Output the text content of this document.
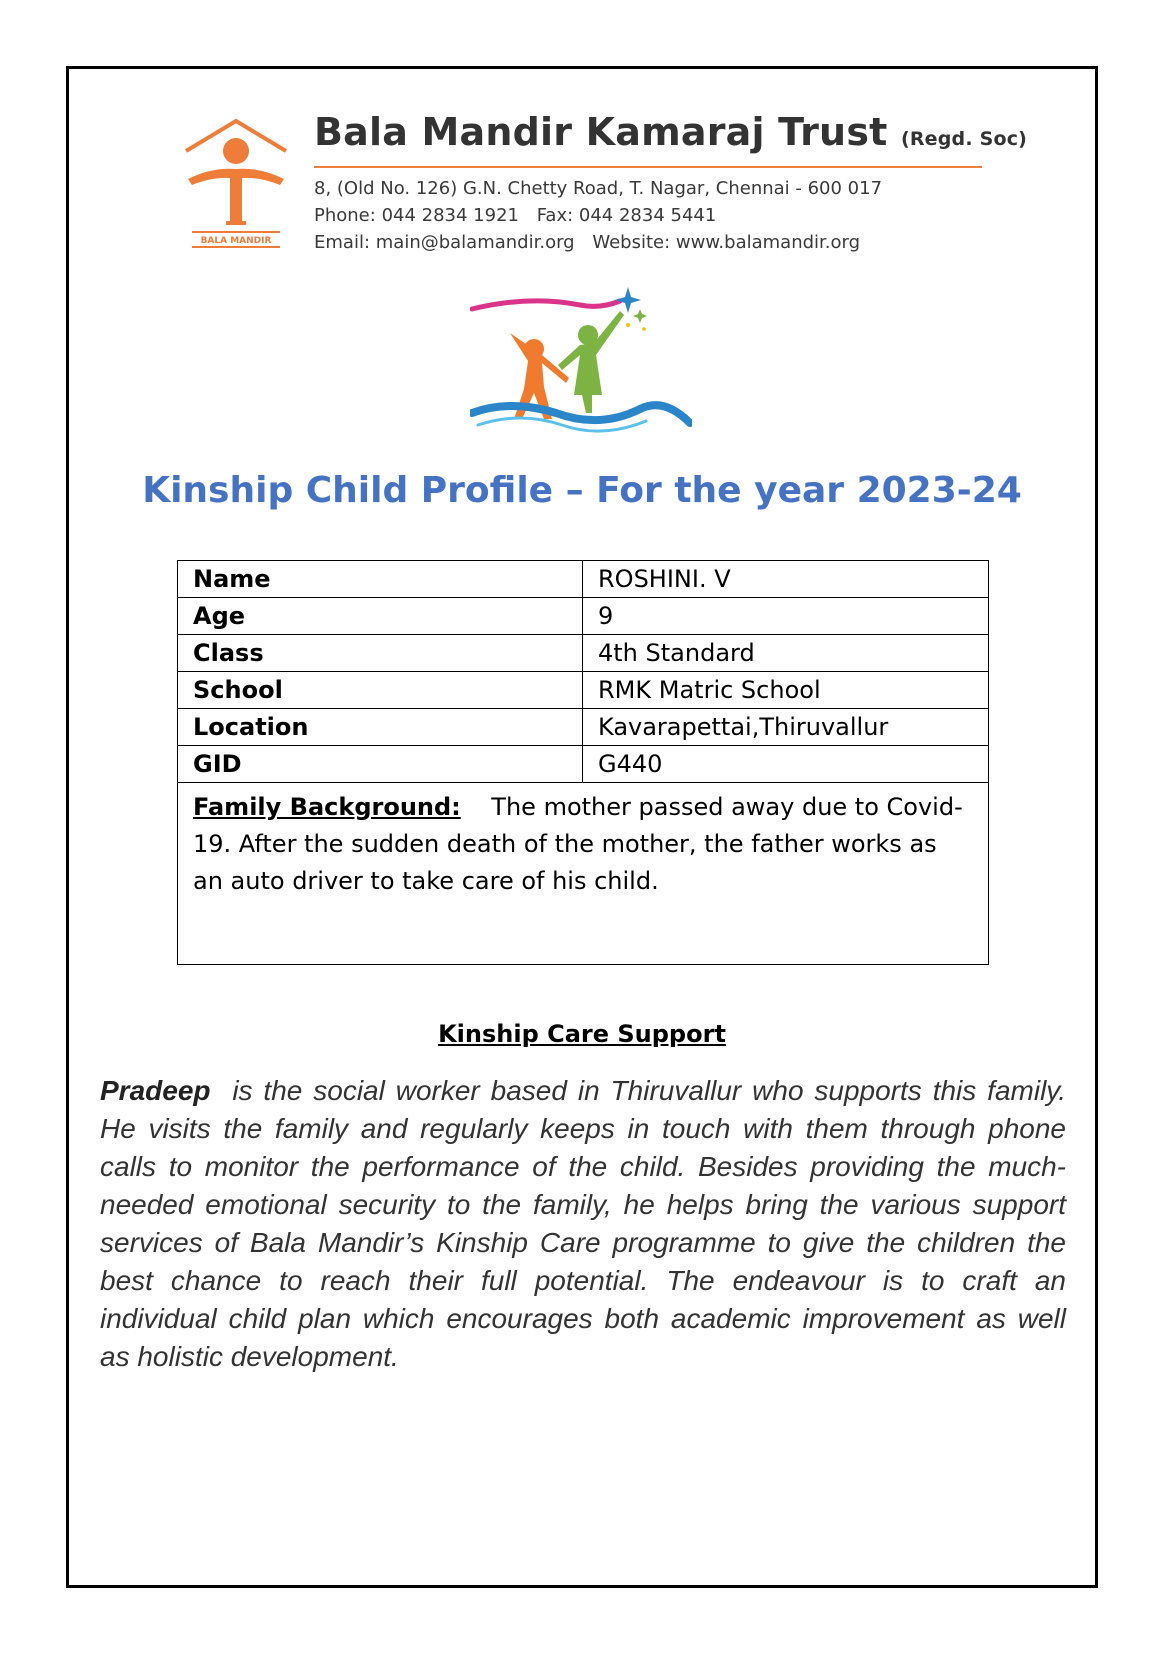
BALA MANDIR
Bala Mandir Kamaraj Trust (Regd. Soc)
8, (Old No. 126) G.N. Chetty Road, T. Nagar, Chennai - 600 017
Phone: 044 2834 1921 Fax: 044 2834 5441
Email: main@balamandir.org Website: www.balamandir.org
Kinship Child Profile – For the year 2023-24
Name	ROSHINI. V
Age	9
Class	4th Standard
School	RMK Matric School
Location	Kavarapettai,Thiruvallur
GID	G440
Family Background: The mother passed away due to Covid-19. After the sudden death of the mother, the father works as an auto driver to take care of his child.	
Kinship Care Support
Pradeep is the social worker based in Thiruvallur who supports this family. He visits the family and regularly keeps in touch with them through phone calls to monitor the performance of the child. Besides providing the much-needed emotional security to the family, he helps bring the various support services of Bala Mandir’s Kinship Care programme to give the children the best chance to reach their full potential. The endeavour is to craft an individual child plan which encourages both academic improvement as well as holistic development.
